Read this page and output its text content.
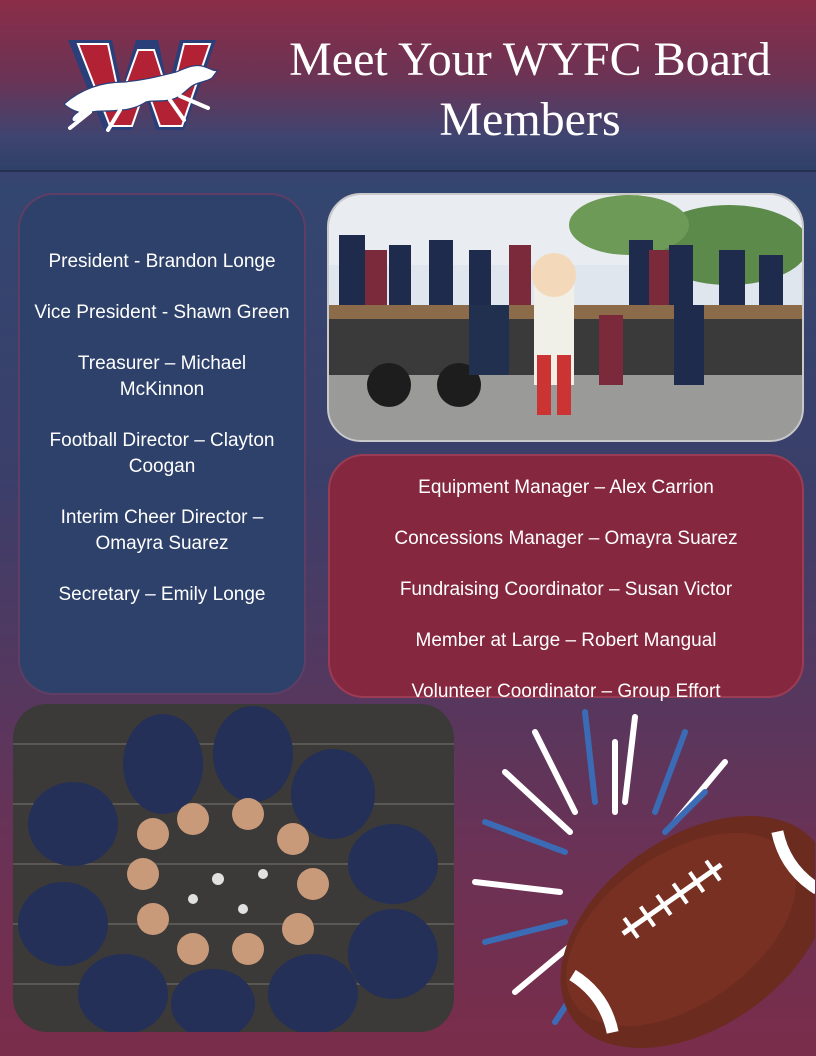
Meet Your WYFC Board
Members
President - Brandon Longe
Vice President - Shawn Green
Treasurer – Michael McKinnon
Football Director – Clayton Coogan
Interim Cheer Director – Omayra Suarez
Secretary – Emily Longe
Equipment Manager – Alex Carrion
Concessions Manager – Omayra Suarez
Fundraising Coordinator – Susan Victor
Member at Large – Robert Mangual
Volunteer Coordinator – Group Effort
